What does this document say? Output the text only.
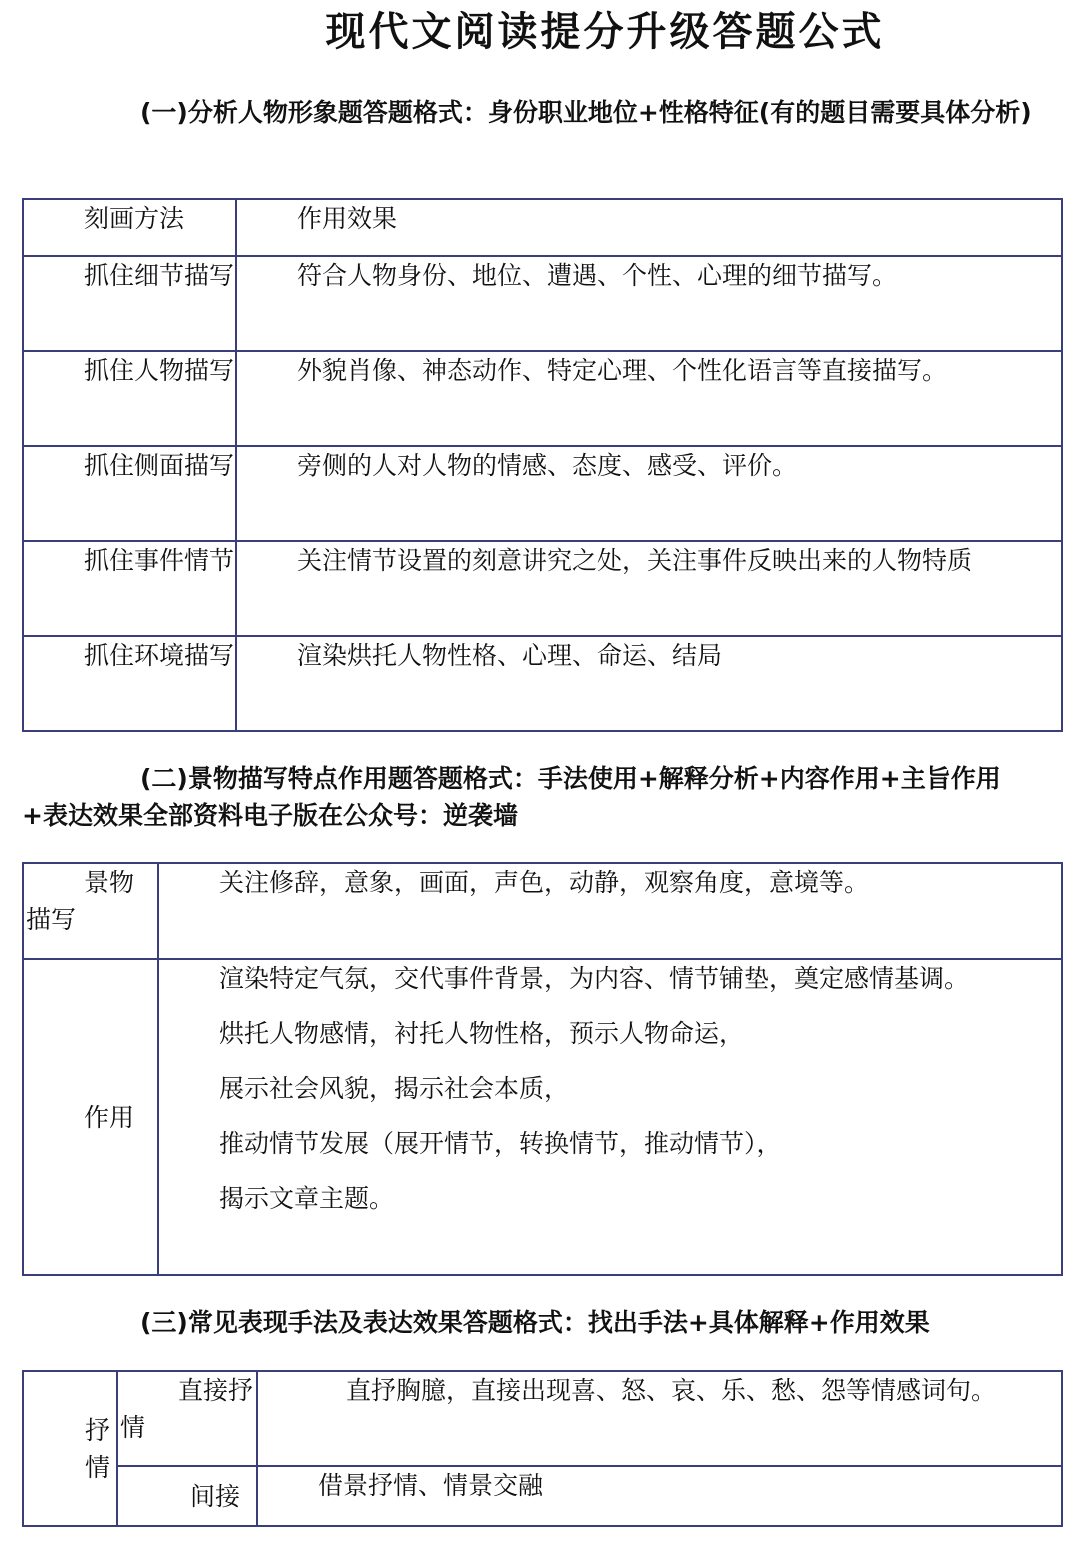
现代文阅读提分升级答题公式
(一)分析人物形象题答题格式：身份职业地位+性格特征(有的题目需要具体分析)
刻画方法	作用效果
抓住细节描写	符合人物身份、地位、遭遇、个性、心理的细节描写。
抓住人物描写	外貌肖像、神态动作、特定心理、个性化语言等直接描写。
抓住侧面描写	旁侧的人对人物的情感、态度、感受、评价。
抓住事件情节	关注情节设置的刻意讲究之处，关注事件反映出来的人物特质
抓住环境描写	渲染烘托人物性格、心理、命运、结局
(二)景物描写特点作用题答题格式：手法使用+解释分析+内容作用+主旨作用+表达效果全部资料电子版在公众号：逆袭墙
景物描写	关注修辞，意象，画面，声色，动静，观察角度，意境等。
作用	渲染特定气氛，交代事件背景，为内容、情节铺垫，奠定感情基调。

烘托人物感情，衬托人物性格，预示人物命运，

展示社会风貌，揭示社会本质，

推动情节发展（展开情节，转换情节，推动情节），

揭示文章主题。

(三)常见表现手法及表达效果答题格式：找出手法+具体解释+作用效果
抒情	直接抒情	直抒胸臆，直接出现喜、怒、哀、乐、愁、怨等情感词句。
	间接	借景抒情、情景交融
